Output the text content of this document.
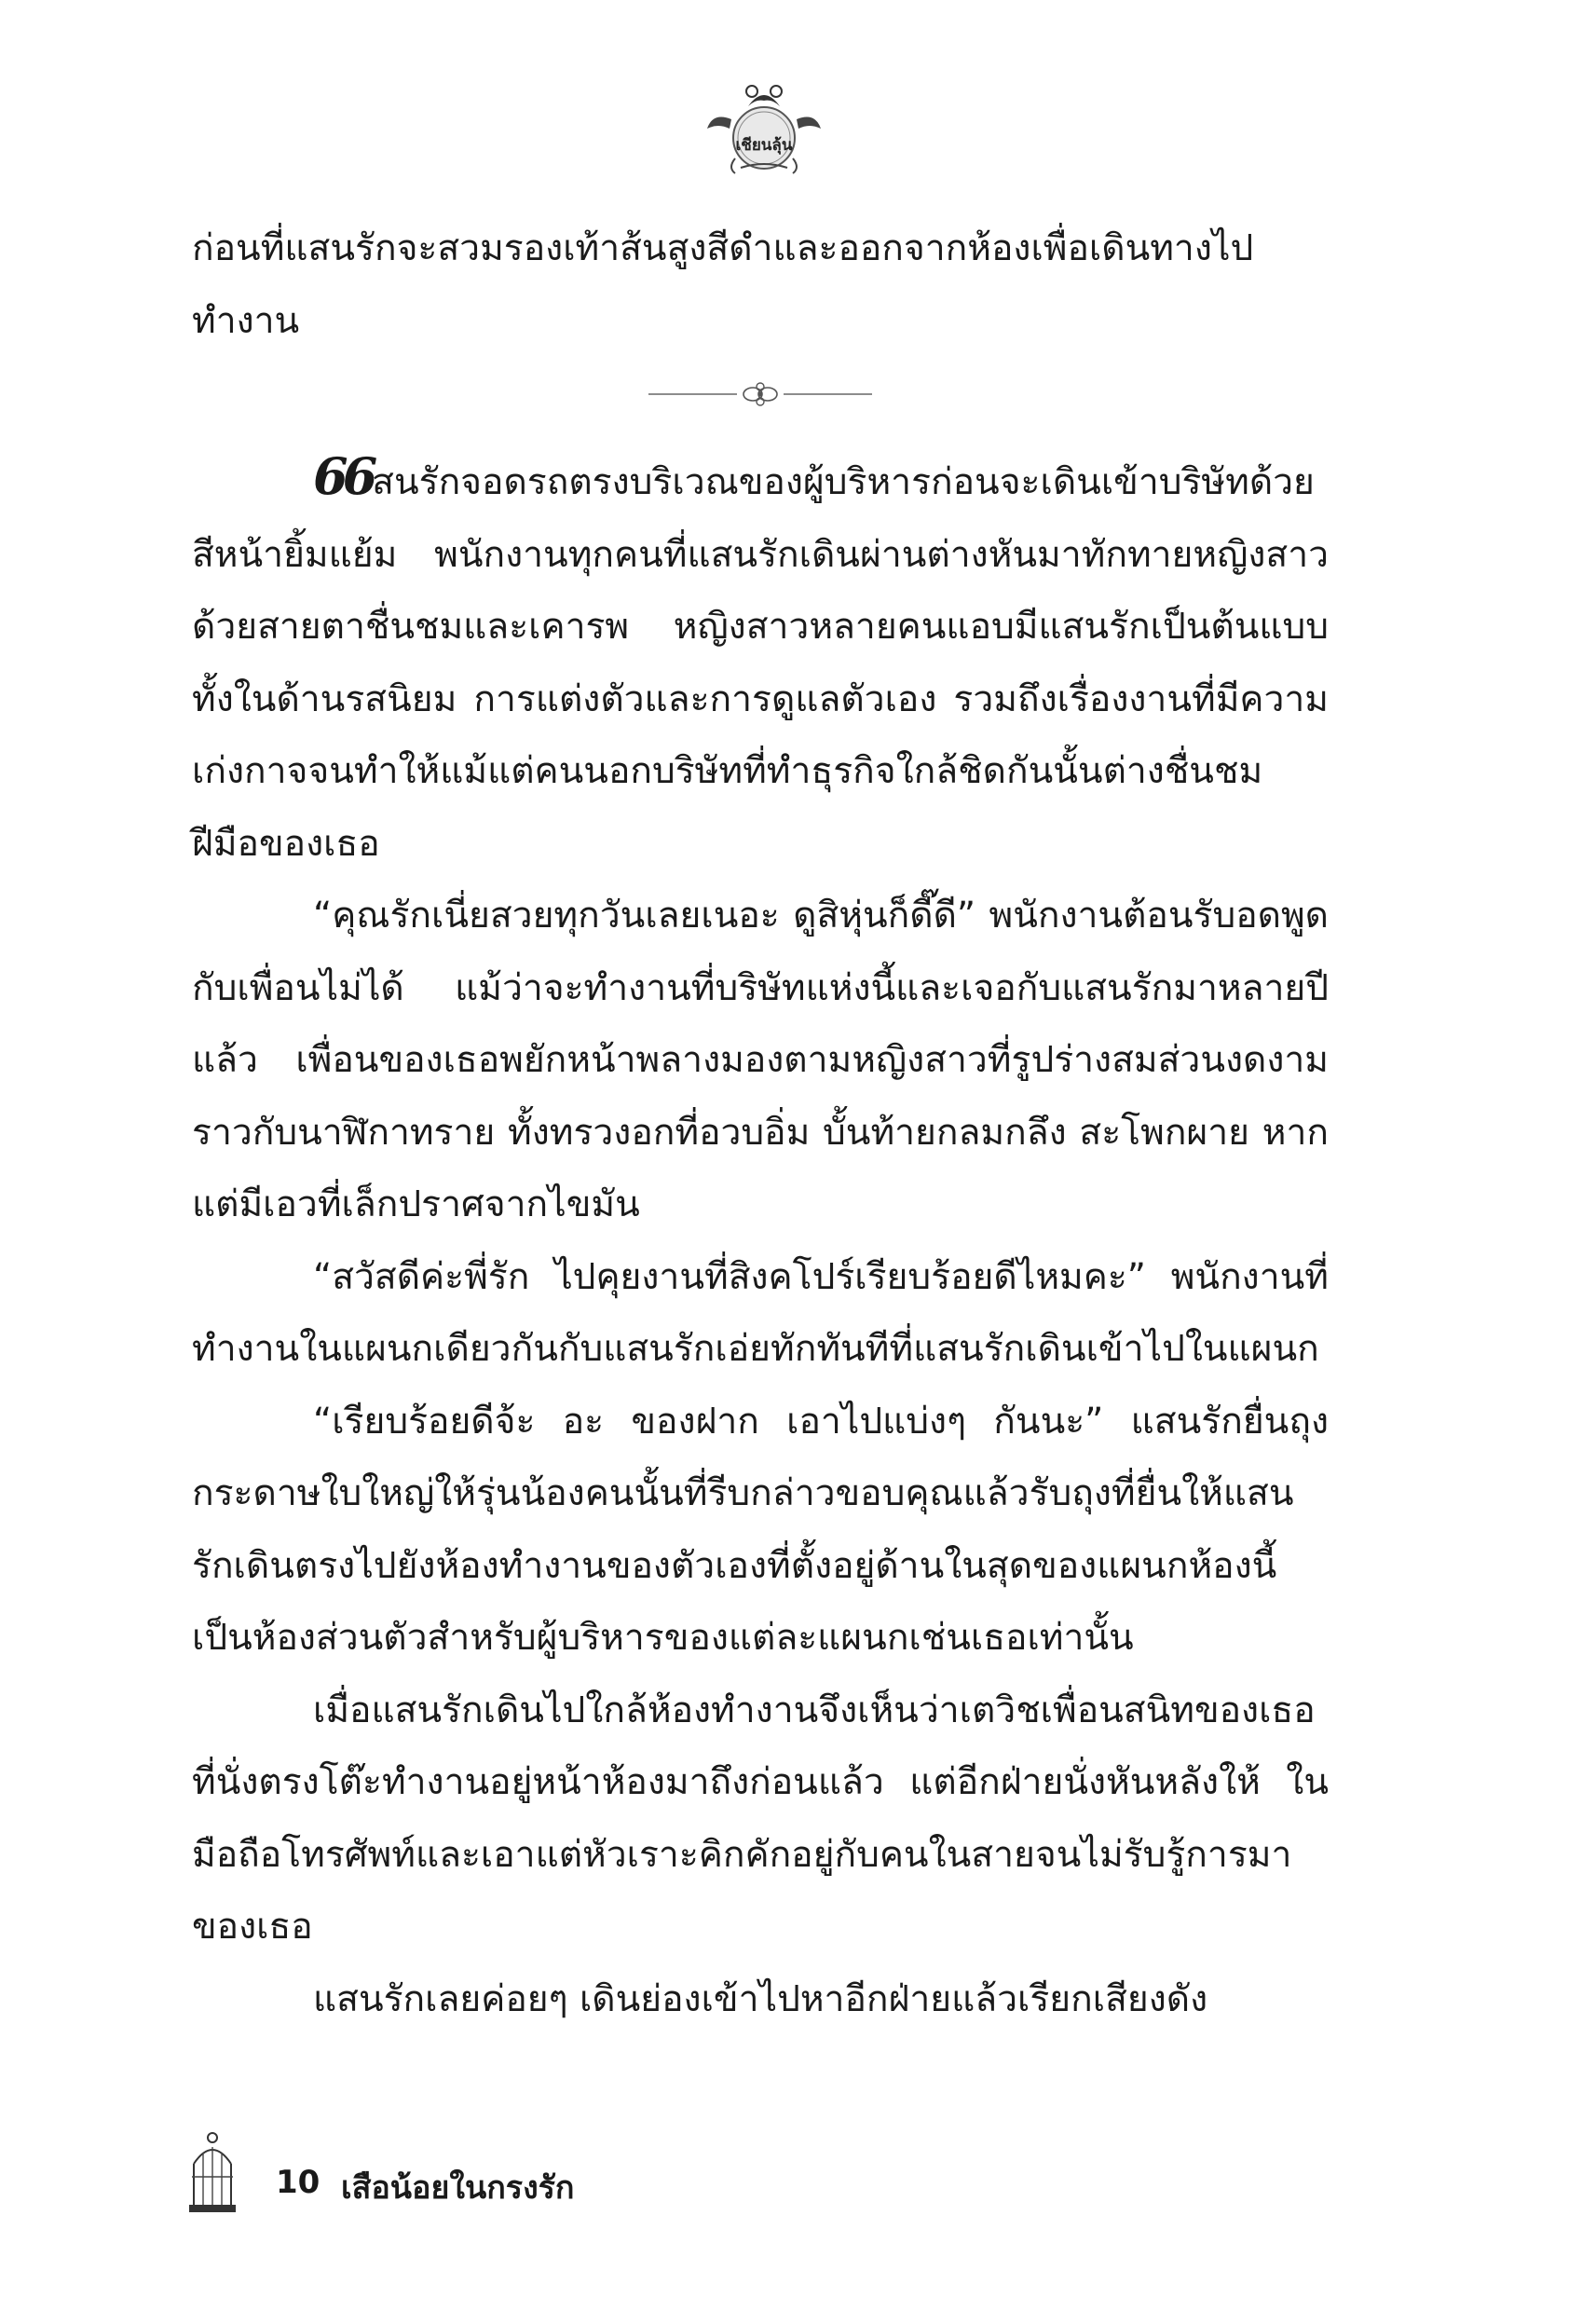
เชียนลุ้น

ก่อนที่แสนรักจะสวมรองเท้าส้นสูงสีดำและออกจากห้องเพื่อเดินทางไปทำงาน

66สนรักจอดรถตรงบริเวณของผู้บริหารก่อนจะเดินเข้าบริษัทด้วยสีหน้ายิ้มแย้ม พนักงานทุกคนที่แสนรักเดินผ่านต่างหันมาทักทายหญิงสาวด้วยสายตาชื่นชมและเคารพ หญิงสาวหลายคนแอบมีแสนรักเป็นต้นแบบทั้งในด้านรสนิยม การแต่งตัวและการดูแลตัวเอง รวมถึงเรื่องงานที่มีความเก่งกาจจนทำให้แม้แต่คนนอกบริษัทที่ทำธุรกิจใกล้ชิดกันนั้นต่างชื่นชมฝีมือของเธอ

“คุณรักเนี่ยสวยทุกวันเลยเนอะ ดูสิหุ่นก็ดี๊ดี” พนักงานต้อนรับอดพูดกับเพื่อนไม่ได้ แม้ว่าจะทำงานที่บริษัทแห่งนี้และเจอกับแสนรักมาหลายปีแล้ว เพื่อนของเธอพยักหน้าพลางมองตามหญิงสาวที่รูปร่างสมส่วนงดงามราวกับนาฬิกาทราย ทั้งทรวงอกที่อวบอิ่ม บั้นท้ายกลมกลึง สะโพกผาย หากแต่มีเอวที่เล็กปราศจากไขมัน

“สวัสดีค่ะพี่รัก ไปคุยงานที่สิงคโปร์เรียบร้อยดีไหมคะ” พนักงานที่ทำงานในแผนกเดียวกันกับแสนรักเอ่ยทักทันทีที่แสนรักเดินเข้าไปในแผนก

“เรียบร้อยดีจ้ะ อะ ของฝาก เอาไปแบ่งๆ กันนะ” แสนรักยื่นถุงกระดาษใบใหญ่ให้รุ่นน้องคนนั้นที่รีบกล่าวขอบคุณแล้วรับถุงที่ยื่นให้แสนรักเดินตรงไปยังห้องทำงานของตัวเองที่ตั้งอยู่ด้านในสุดของแผนกห้องนี้เป็นห้องส่วนตัวสำหรับผู้บริหารของแต่ละแผนกเช่นเธอเท่านั้น

เมื่อแสนรักเดินไปใกล้ห้องทำงานจึงเห็นว่าเตวิชเพื่อนสนิทของเธอที่นั่งตรงโต๊ะทำงานอยู่หน้าห้องมาถึงก่อนแล้ว แต่อีกฝ่ายนั่งหันหลังให้ ในมือถือโทรศัพท์และเอาแต่หัวเราะคิกคักอยู่กับคนในสายจนไม่รับรู้การมาของเธอ

แสนรักเลยค่อยๆ เดินย่องเข้าไปหาอีกฝ่ายแล้วเรียกเสียงดัง

10 เสือน้อยในกรงรัก
